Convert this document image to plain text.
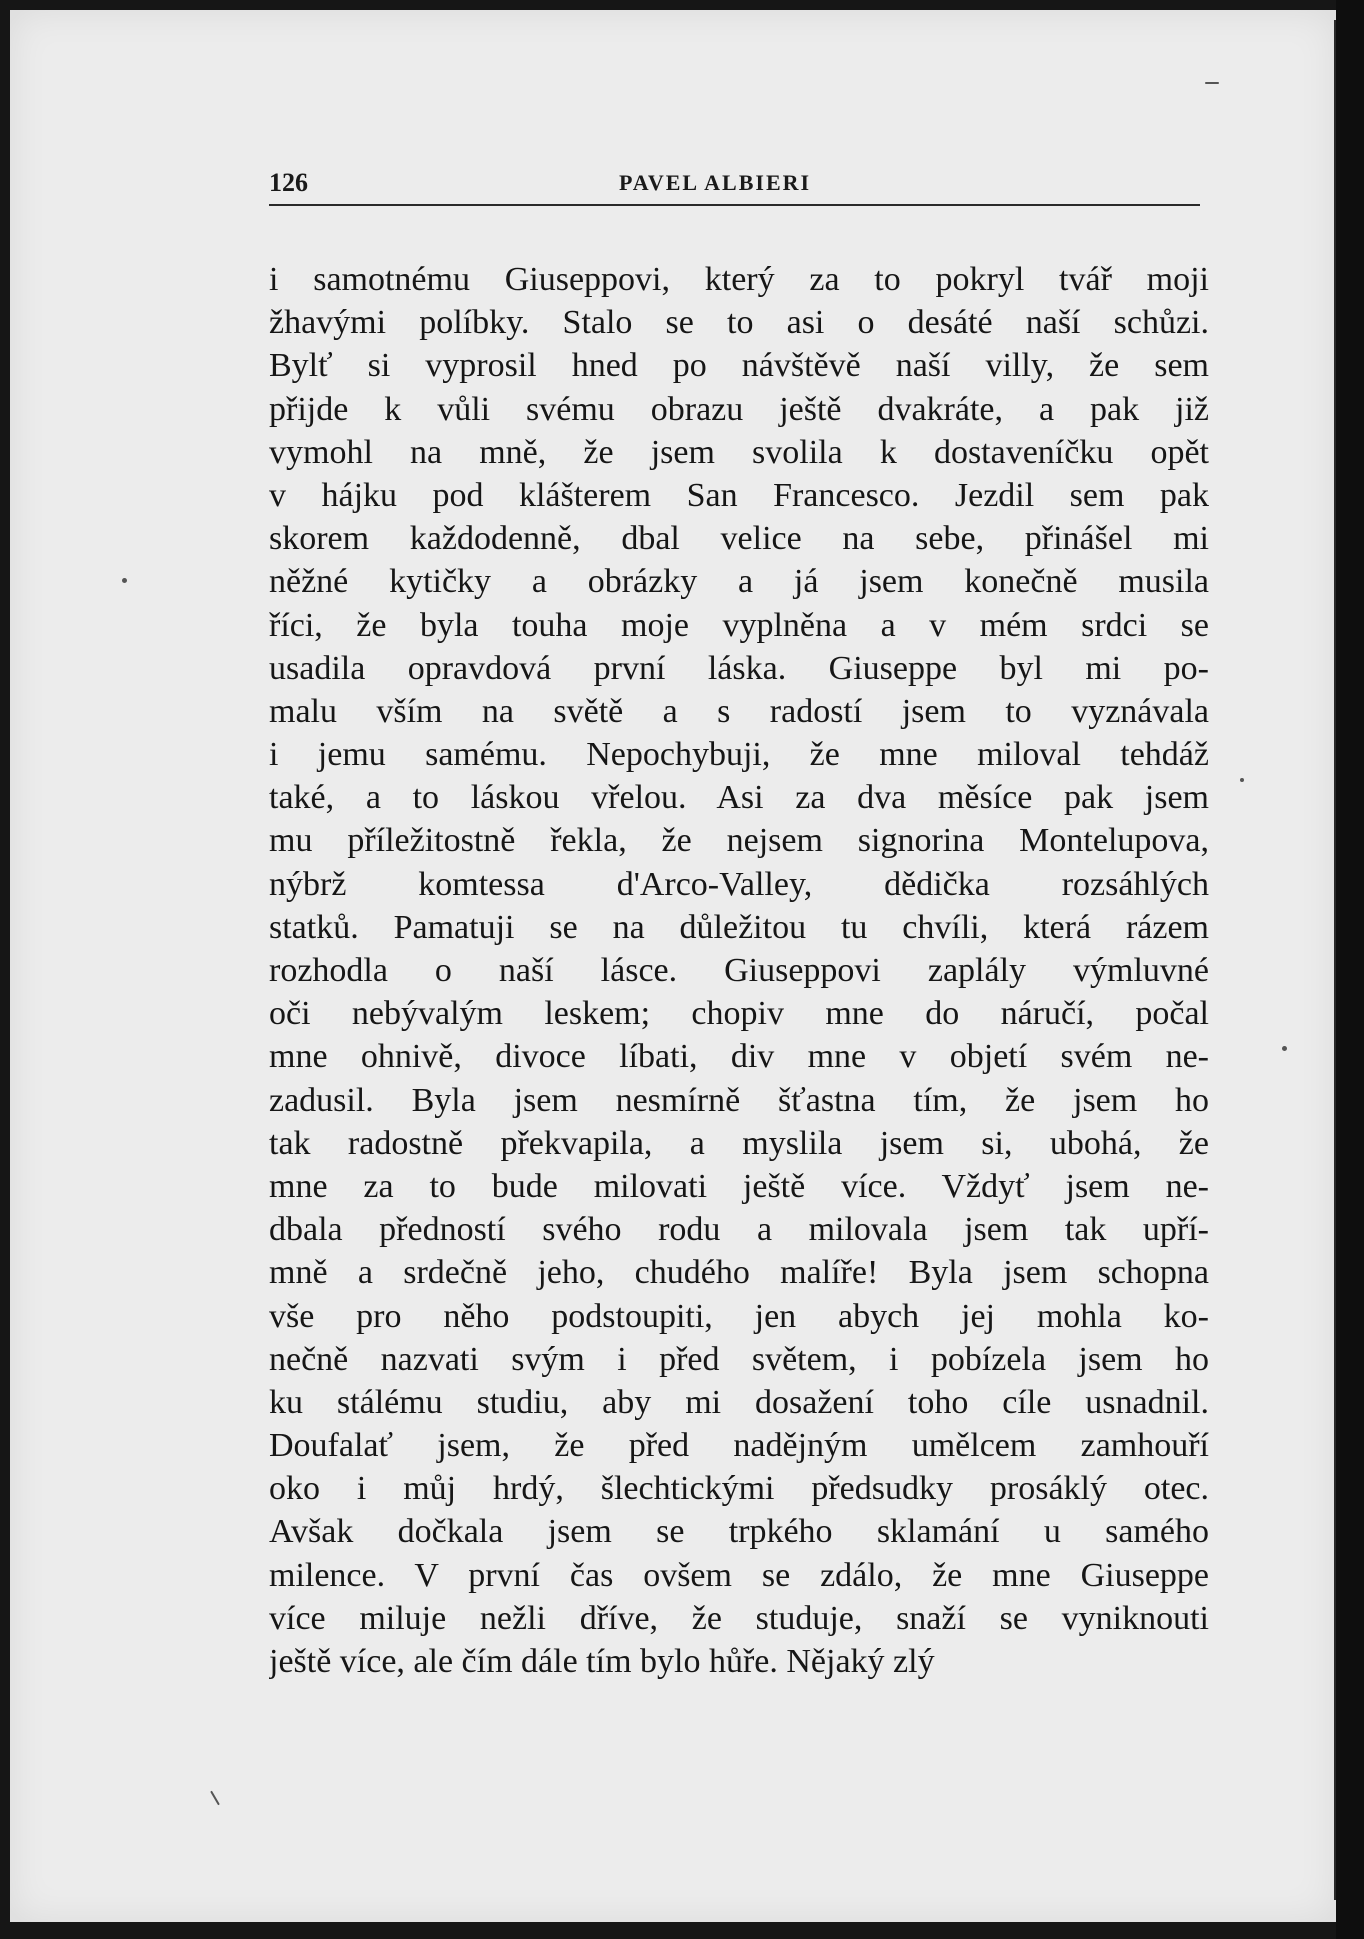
126	PAVEL ALBIERI
i samotnému Giuseppovi, který za to pokryl tvář moji
žhavými políbky. Stalo se to asi o desáté naší schůzi.
Bylť si vyprosil hned po návštěvě naší villy, že sem
přijde k vůli svému obrazu ještě dvakráte, a pak již
vymohl na mně, že jsem svolila k dostaveníčku opět
v hájku pod klášterem San Francesco. Jezdil sem pak
skorem každodenně, dbal velice na sebe, přinášel mi
něžné kytičky a obrázky a já jsem konečně musila
říci, že byla touha moje vyplněna a v mém srdci se
usadila opravdová první láska. Giuseppe byl mi po-
malu vším na světě a s radostí jsem to vyznávala
i jemu samému. Nepochybuji, že mne miloval tehdáž
také, a to láskou vřelou. Asi za dva měsíce pak jsem
mu příležitostně řekla, že nejsem signorina Montelupova,
nýbrž komtessa d'Arco-Valley, dědička rozsáhlých
statků. Pamatuji se na důležitou tu chvíli, která rázem
rozhodla o naší lásce. Giuseppovi zaplály výmluvné
oči nebývalým leskem; chopiv mne do náručí, počal
mne ohnivě, divoce líbati, div mne v objetí svém ne-
zadusil. Byla jsem nesmírně šťastna tím, že jsem ho
tak radostně překvapila, a myslila jsem si, ubohá, že
mne za to bude milovati ještě více. Vždyť jsem ne-
dbala předností svého rodu a milovala jsem tak upří-
mně a srdečně jeho, chudého malíře! Byla jsem schopna
vše pro něho podstoupiti, jen abych jej mohla ko-
nečně nazvati svým i před světem, i pobízela jsem ho
ku stálému studiu, aby mi dosažení toho cíle usnadnil.
Doufalať jsem, že před nadějným umělcem zamhouří
oko i můj hrdý, šlechtickými předsudky prosáklý otec.
Avšak dočkala jsem se trpkého sklamání u samého
milence. V první čas ovšem se zdálo, že mne Giuseppe
více miluje nežli dříve, že studuje, snaží se vyniknouti
ještě více, ale čím dále tím bylo hůře. Nějaký zlý
